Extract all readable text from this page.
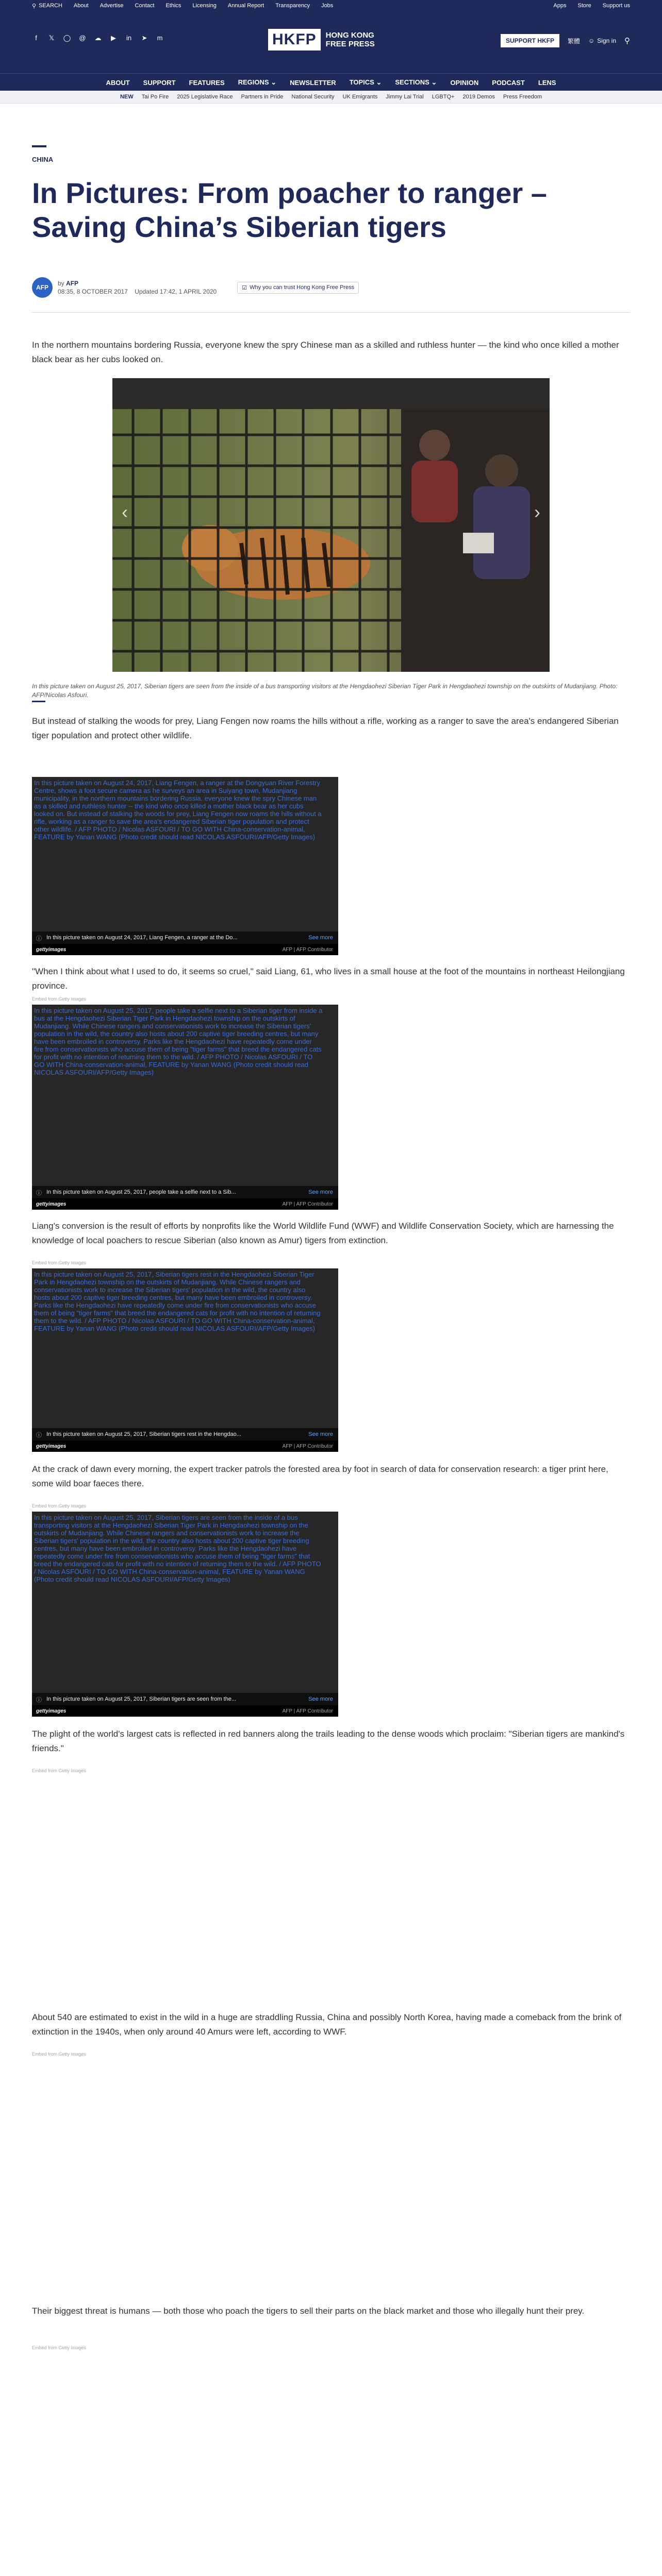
⚲ SEARCH About Advertise Contact Ethics Licensing Annual Report Transparency Jobs	Apps Store Support us
f	𝕏 ◯ @ ☁ ▶ in ➤ m	HKFP	HONG KONG
FREE PRESS	SUPPORT HKFP	繁體 ☺ Sign in ⚲
ABOUT SUPPORT FEATURES REGIONS ⌄ NEWSLETTER TOPICS ⌄ SECTIONS ⌄ OPINION PODCAST LENS
NEW Tai Po Fire 2025 Legislative Race Partners in Pride National Security UK Emigrants Jimmy Lai Trial LGBTQ+ 2019 Demos Press Freedom
CHINA
In Pictures: From poacher to ranger – Saving China’s Siberian tigers
AFP
by AFP
08:35, 8 OCTOBER 2017 Updated 17:42, 1 APRIL 2020
☑ Why you can trust Hong Kong Free Press

In the northern mountains bordering Russia, everyone knew the spry Chinese man as a skilled and ruthless hunter — the kind who once killed a mother black bear as her cubs looked on.

‹	›

In this picture taken on August 25, 2017, Siberian tigers are seen from the inside of a bus transporting visitors at the Hengdaohezi Siberian Tiger Park in Hengdaohezi township on the outskirts of Mudanjiang. Photo: AFP/Nicolas Asfouri.

But instead of stalking the woods for prey, Liang Fengen now roams the hills without a rifle, working as a ranger to save the area's endangered Siberian tiger population and protect other wildlife.

In this picture taken on August 24, 2017, Liang Fengen, a ranger at the Dongyuan River Forestry Centre, shows a foot secure camera as he surveys an area in Suiyang town, Mudanjiang municipality, in the northern mountains bordering Russia. everyone knew the spry Chinese man as a skilled and ruthless hunter -- the kind who once killed a mother black bear as her cubs looked on. But instead of stalking the woods for prey, Liang Fengen now roams the hills without a rifle, working as a ranger to save the area's endangered Siberian tiger population and protect other wildlife. / AFP PHOTO / Nicolas ASFOURI / TO GO WITH China-conservation-animal, FEATURE by Yanan WANG (Photo credit should read NICOLAS ASFOURI/AFP/Getty Images)
ⓘ In this picture taken on August 24, 2017, Liang Fengen, a ranger at the Do...	See more
gettyimages	AFP | AFP Contributor

"When I think about what I used to do, it seems so cruel," said Liang, 61, who lives in a small house at the foot of the mountains in northeast Heilongjiang province.

Embed from Getty Images
In this picture taken on August 25, 2017, people take a selfie next to a Siberian tiger from inside a bus at the Hengdaohezi Siberian Tiger Park in Hengdaohezi township on the outskirts of Mudanjiang. While Chinese rangers and conservationists work to increase the Siberian tigers' population in the wild, the country also hosts about 200 captive tiger breeding centres, but many have been embroiled in controversy. Parks like the Hengdaohezi have repeatedly come under fire from conservationists who accuse them of being "tiger farms" that breed the endangered cats for profit with no intention of returning them to the wild. / AFP PHOTO / Nicolas ASFOURI / TO GO WITH China-conservation-animal, FEATURE by Yanan WANG (Photo credit should read NICOLAS ASFOURI/AFP/Getty Images)
ⓘ In this picture taken on August 25, 2017, people take a selfie next to a Sib...	See more
gettyimages	AFP | AFP Contributor

Liang's conversion is the result of efforts by nonprofits like the World Wildlife Fund (WWF) and Wildlife Conservation Society, which are harnessing the knowledge of local poachers to rescue Siberian (also known as Amur) tigers from extinction.

Embed from Getty Images
In this picture taken on August 25, 2017, Siberian tigers rest in the Hengdaohezi Siberian Tiger Park in Hengdaohezi township on the outskirts of Mudanjiang. While Chinese rangers and conservationists work to increase the Siberian tigers' population in the wild, the country also hosts about 200 captive tiger breeding centres, but many have been embroiled in controversy. Parks like the Hengdaohezi have repeatedly come under fire from conservationists who accuse them of being "tiger farms" that breed the endangered cats for profit with no intention of returning them to the wild. / AFP PHOTO / Nicolas ASFOURI / TO GO WITH China-conservation-animal, FEATURE by Yanan WANG (Photo credit should read NICOLAS ASFOURI/AFP/Getty Images)
ⓘ In this picture taken on August 25, 2017, Siberian tigers rest in the Hengdao...	See more
gettyimages	AFP | AFP Contributor

At the crack of dawn every morning, the expert tracker patrols the forested area by foot in search of data for conservation research: a tiger print here, some wild boar faeces there.

Embed from Getty Images
In this picture taken on August 25, 2017, Siberian tigers are seen from the inside of a bus transporting visitors at the Hengdaohezi Siberian Tiger Park in Hengdaohezi township on the outskirts of Mudanjiang. While Chinese rangers and conservationists work to increase the Siberian tigers' population in the wild, the country also hosts about 200 captive tiger breeding centres, but many have been embroiled in controversy. Parks like the Hengdaohezi have repeatedly come under fire from conservationists who accuse them of being "tiger farms" that breed the endangered cats for profit with no intention of returning them to the wild. / AFP PHOTO / Nicolas ASFOURI / TO GO WITH China-conservation-animal, FEATURE by Yanan WANG (Photo credit should read NICOLAS ASFOURI/AFP/Getty Images)
ⓘ In this picture taken on August 25, 2017, Siberian tigers are seen from the...	See more
gettyimages	AFP | AFP Contributor

The plight of the world's largest cats is reflected in red banners along the trails leading to the dense woods which proclaim: "Siberian tigers are mankind's friends."

Embed from Getty Images

About 540 are estimated to exist in the wild in a huge are straddling Russia, China and possibly North Korea, having made a comeback from the brink of extinction in the 1940s, when only around 40 Amurs were left, according to WWF.

Embed from Getty Images

Their biggest threat is humans — both those who poach the tigers to sell their parts on the black market and those who illegally hunt their prey.

Embed from Getty Images
